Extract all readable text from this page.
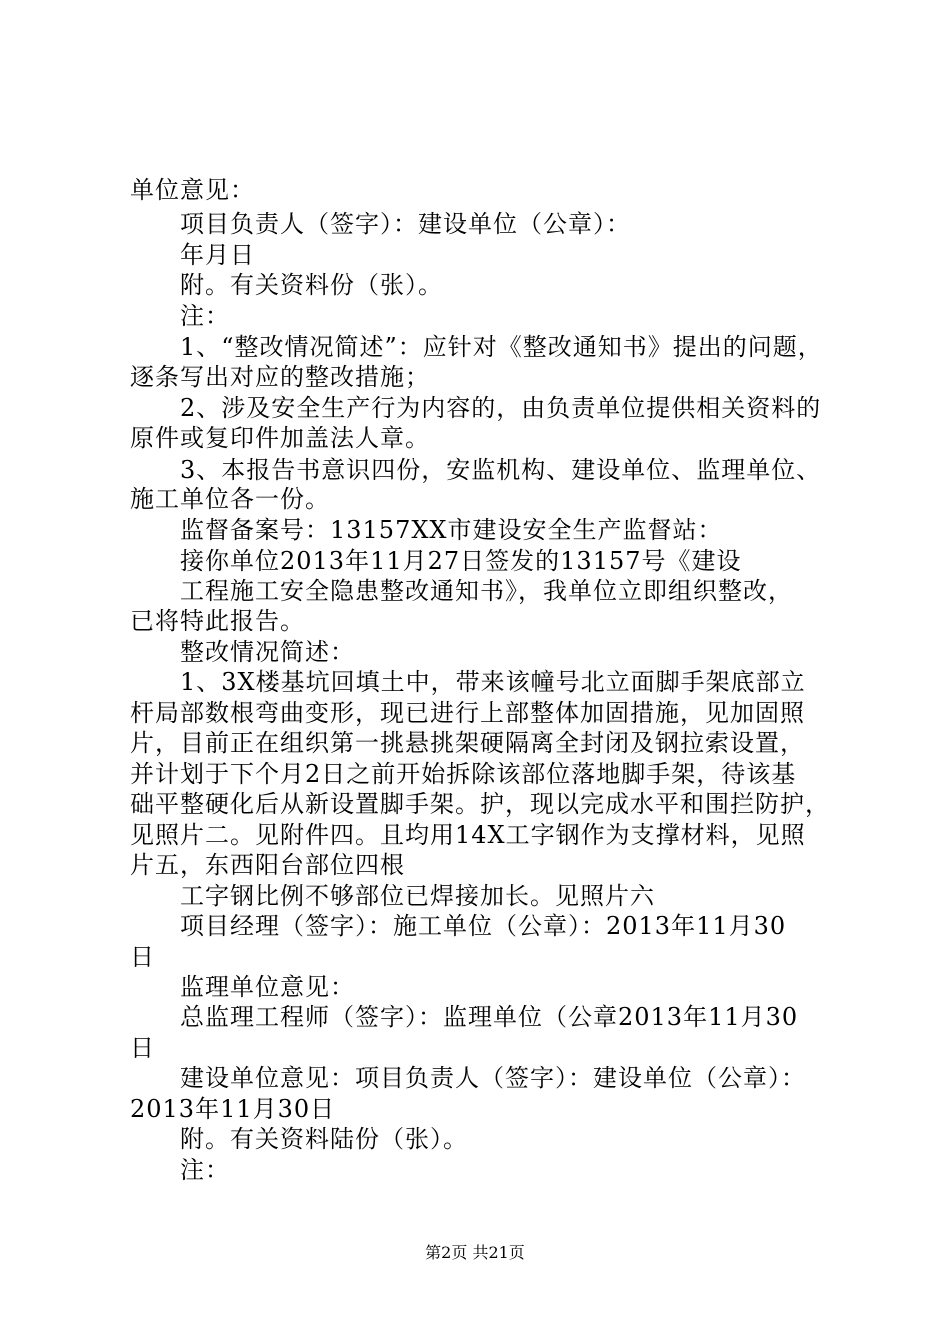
单位意见：
项目负责人（签字）：建设单位（公章）：
年月日
附。有关资料份（张）。
注：
1、“整改情况简述”：应针对《整改通知书》提出的问题，
逐条写出对应的整改措施；
2、涉及安全生产行为内容的，由负责单位提供相关资料的
原件或复印件加盖法人章。
3、本报告书意识四份，安监机构、建设单位、监理单位、
施工单位各一份。
监督备案号：13157XX市建设安全生产监督站：
接你单位2013年11月27日签发的13157号《建设
工程施工安全隐患整改通知书》，我单位立即组织整改，
已将特此报告。
整改情况简述：
1、3X楼基坑回填土中，带来该幢号北立面脚手架底部立
杆局部数根弯曲变形，现已进行上部整体加固措施，见加固照
片，目前正在组织第一挑悬挑架硬隔离全封闭及钢拉索设置，
并计划于下个月2日之前开始拆除该部位落地脚手架，待该基
础平整硬化后从新设置脚手架。护，现以完成水平和围拦防护，
见照片二。见附件四。且均用14X工字钢作为支撑材料，见照
片五，东西阳台部位四根
工字钢比例不够部位已焊接加长。见照片六
项目经理（签字）：施工单位（公章）：2013年11月30
日
监理单位意见：
总监理工程师（签字）：监理单位（公章2013年11月30
日
建设单位意见：项目负责人（签字）：建设单位（公章）：
2013年11月30日
附。有关资料陆份（张）。
注：
第2页 共21页
